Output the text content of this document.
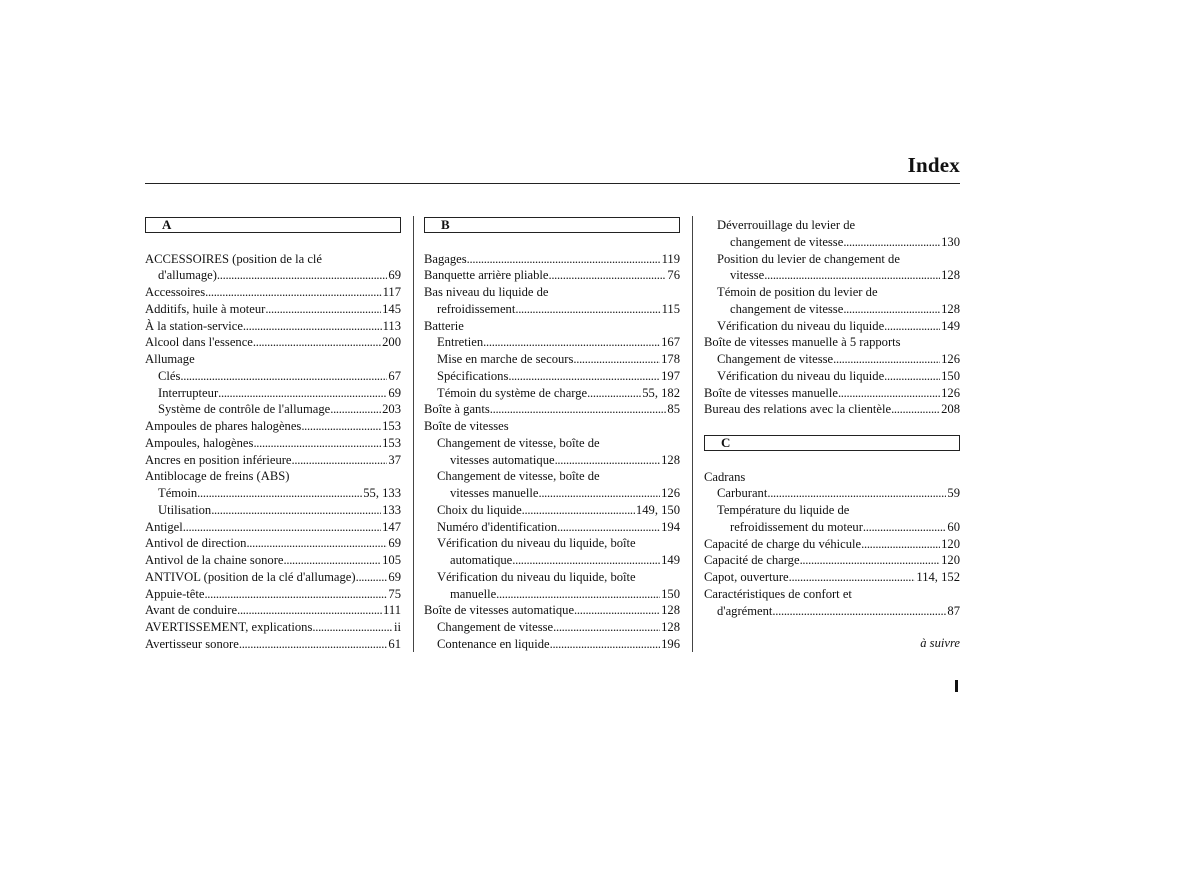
Index
A
ACCESSOIRES (position de la clé
d'allumage) .....	69
Accessoires .....	117
Additifs, huile à moteur .....	145
À la station-service .....	113
Alcool dans l'essence .....	200
Allumage
Clés .....	67
Interrupteur .....	69
Système de contrôle de l'allumage .....	203
Ampoules de phares halogènes .....	153
Ampoules, halogènes .....	153
Ancres en position inférieure .....	37
Antiblocage de freins (ABS)
Témoin .....	55, 133
Utilisation .....	133
Antigel .....	147
Antivol de direction .....	69
Antivol de la chaine sonore .....	105
ANTIVOL (position de la clé d'allumage) .....	69
Appuie-tête .....	75
Avant de conduire .....	111
AVERTISSEMENT, explications .....	ii
Avertisseur sonore .....	61
B
Bagages .....	119
Banquette arrière pliable .....	76
Bas niveau du liquide de
refroidissement .....	115
Batterie
Entretien .....	167
Mise en marche de secours .....	178
Spécifications .....	197
Témoin du système de charge .....	55, 182
Boîte à gants .....	85
Boîte de vitesses
Changement de vitesse, boîte de
vitesses automatique .....	128
Changement de vitesse, boîte de
vitesses manuelle .....	126
Choix du liquide .....	149, 150
Numéro d'identification .....	194
Vérification du niveau du liquide, boîte
automatique .....	149
Vérification du niveau du liquide, boîte
manuelle .....	150
Boîte de vitesses automatique .....	128
Changement de vitesse .....	128
Contenance en liquide .....	196
Déverrouillage du levier de
changement de vitesse .....	130
Position du levier de changement de
vitesse .....	128
Témoin de position du levier de
changement de vitesse .....	128
Vérification du niveau du liquide .....	149
Boîte de vitesses manuelle à 5 rapports
Changement de vitesse .....	126
Vérification du niveau du liquide .....	150
Boîte de vitesses manuelle .....	126
Bureau des relations avec la clientèle .....	208
C
Cadrans
Carburant .....	59
Température du liquide de
refroidissement du moteur .....	60
Capacité de charge du véhicule .....	120
Capacité de charge .....	120
Capot, ouverture .....	114, 152
Caractéristiques de confort et
d'agrément .....	87
à suivre
